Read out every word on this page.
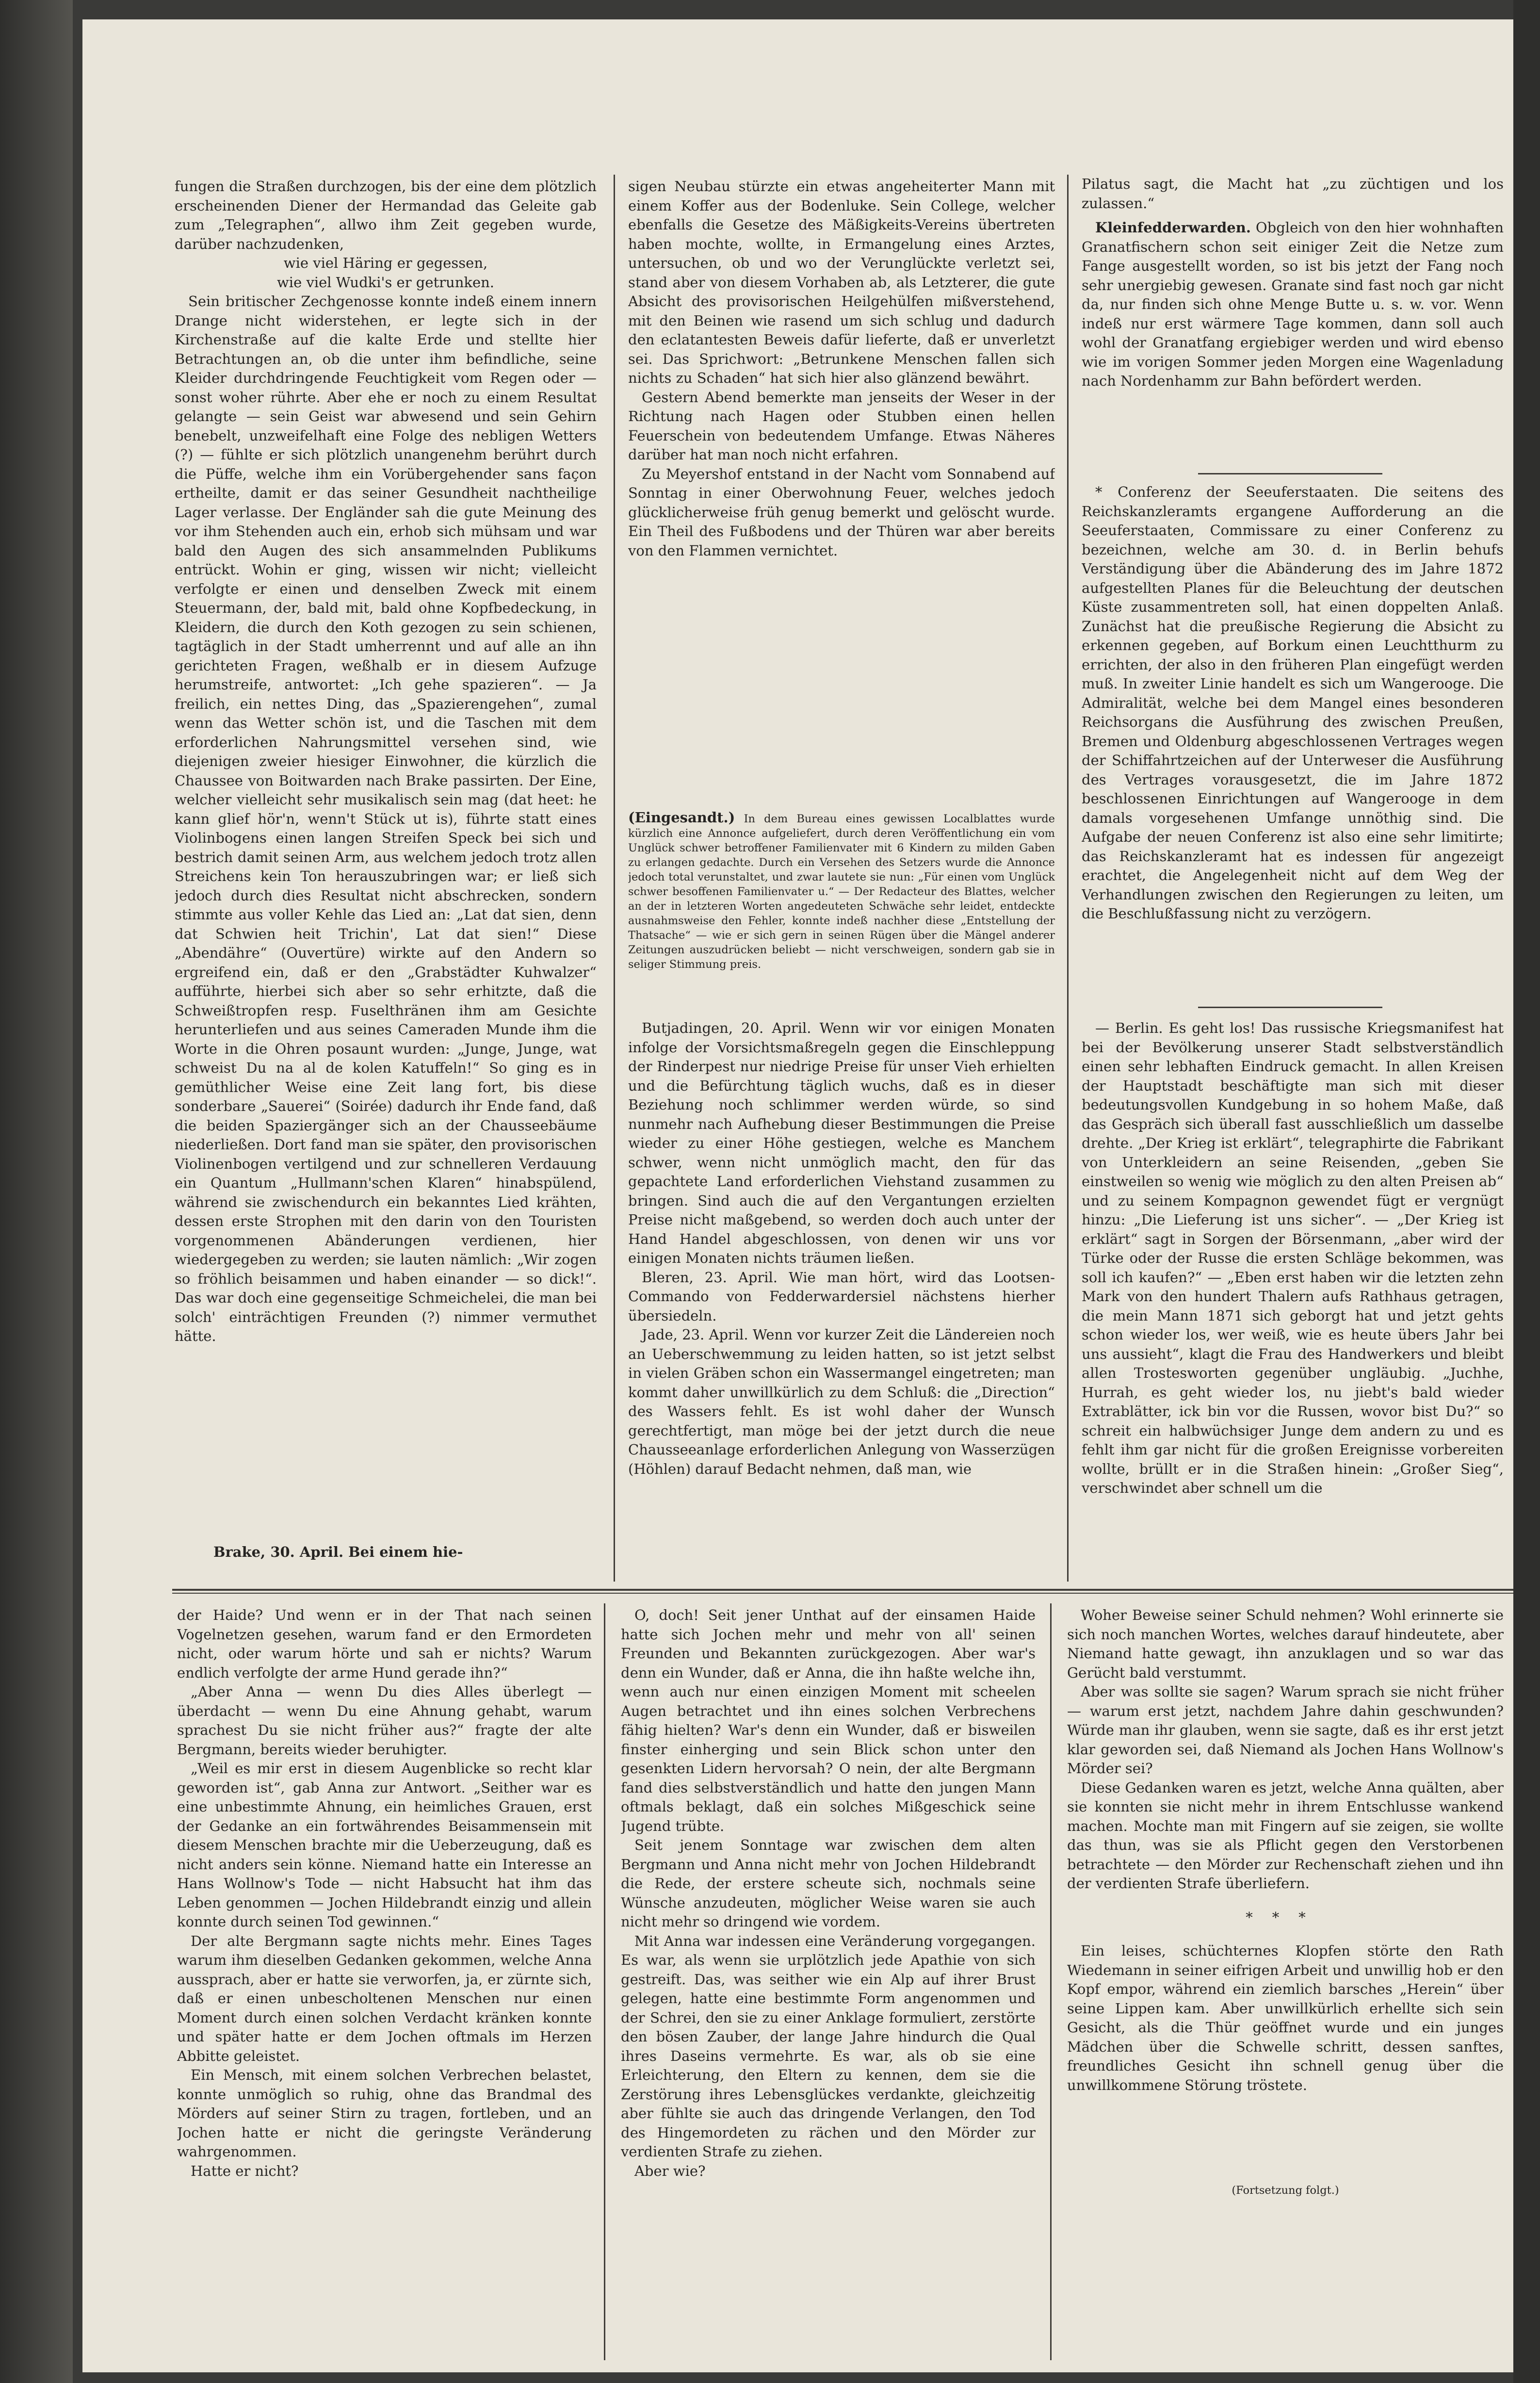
fungen die Straßen durchzogen, bis der eine dem plötzlich erscheinenden Diener der Hermandad das Geleite gab zum „Telegraphen“, allwo ihm Zeit gegeben wurde, darüber nachzudenken,

wie viel Häring er gegessen,

wie viel Wudki's er getrunken.

Sein britischer Zechgenosse konnte indeß einem innern Drange nicht widerstehen, er legte sich in der Kirchenstraße auf die kalte Erde und stellte hier Betrachtungen an, ob die unter ihm befindliche, seine Kleider durchdringende Feuchtigkeit vom Regen oder — sonst woher rührte. Aber ehe er noch zu einem Resultat gelangte — sein Geist war abwesend und sein Gehirn benebelt, unzweifelhaft eine Folge des nebligen Wetters (?) — fühlte er sich plötzlich unangenehm berührt durch die Püffe, welche ihm ein Vorübergehender sans façon ertheilte, damit er das seiner Gesundheit nachtheilige Lager verlasse. Der Engländer sah die gute Meinung des vor ihm Stehenden auch ein, erhob sich mühsam und war bald den Augen des sich ansammelnden Publikums entrückt. Wohin er ging, wissen wir nicht; vielleicht verfolgte er einen und denselben Zweck mit einem Steuermann, der, bald mit, bald ohne Kopfbedeckung, in Kleidern, die durch den Koth gezogen zu sein schienen, tagtäglich in der Stadt umherrennt und auf alle an ihn gerichteten Fragen, weßhalb er in diesem Aufzuge herumstreife, antwortet: „Ich gehe spazieren“. — Ja freilich, ein nettes Ding, das „Spazierengehen“, zumal wenn das Wetter schön ist, und die Taschen mit dem erforderlichen Nahrungsmittel versehen sind, wie diejenigen zweier hiesiger Einwohner, die kürzlich die Chaussee von Boitwarden nach Brake passirten. Der Eine, welcher vielleicht sehr musikalisch sein mag (dat heet: he kann glief hör'n, wenn't Stück ut is), führte statt eines Violinbogens einen langen Streifen Speck bei sich und bestrich damit seinen Arm, aus welchem jedoch trotz allen Streichens kein Ton herauszubringen war; er ließ sich jedoch durch dies Resultat nicht abschrecken, sondern stimmte aus voller Kehle das Lied an: „Lat dat sien, denn dat Schwien heit Trichin', Lat dat sien!“ Diese „Abendähre“ (Ouvertüre) wirkte auf den Andern so ergreifend ein, daß er den „Grabstädter Kuhwalzer“ aufführte, hierbei sich aber so sehr erhitzte, daß die Schweißtropfen resp. Fuselthränen ihm am Gesichte herunterliefen und aus seines Cameraden Munde ihm die Worte in die Ohren posaunt wurden: „Junge, Junge, wat schweist Du na al de kolen Katuffeln!“ So ging es in gemüthlicher Weise eine Zeit lang fort, bis diese sonderbare „Sauerei“ (Soirée) dadurch ihr Ende fand, daß die beiden Spaziergänger sich an der Chausseebäume niederließen. Dort fand man sie später, den provisorischen Violinenbogen vertilgend und zur schnelleren Verdauung ein Quantum „Hullmann'schen Klaren“ hinabspülend, während sie zwischendurch ein bekanntes Lied krähten, dessen erste Strophen mit den darin von den Touristen vorgenommenen Abänderungen verdienen, hier wiedergegeben zu werden; sie lauten nämlich: „Wir zogen so fröhlich beisammen und haben einander — so dick!“. Das war doch eine gegenseitige Schmeichelei, die man bei solch' einträchtigen Freunden (?) nimmer vermuthet hätte.

Brake, 30. April. Bei einem hie-

sigen Neubau stürzte ein etwas angeheiterter Mann mit einem Koffer aus der Bodenluke. Sein College, welcher ebenfalls die Gesetze des Mäßigkeits-Vereins übertreten haben mochte, wollte, in Ermangelung eines Arztes, untersuchen, ob und wo der Verunglückte verletzt sei, stand aber von diesem Vorhaben ab, als Letzterer, die gute Absicht des provisorischen Heilgehülfen mißverstehend, mit den Beinen wie rasend um sich schlug und dadurch den eclatantesten Beweis dafür lieferte, daß er unverletzt sei. Das Sprichwort: „Betrunkene Menschen fallen sich nichts zu Schaden“ hat sich hier also glänzend bewährt.

Gestern Abend bemerkte man jenseits der Weser in der Richtung nach Hagen oder Stubben einen hellen Feuerschein von bedeutendem Umfange. Etwas Näheres darüber hat man noch nicht erfahren.

Zu Meyershof entstand in der Nacht vom Sonnabend auf Sonntag in einer Oberwohnung Feuer, welches jedoch glücklicherweise früh genug bemerkt und gelöscht wurde. Ein Theil des Fußbodens und der Thüren war aber bereits von den Flammen vernichtet.

(Eingesandt.) In dem Bureau eines gewissen Localblattes wurde kürzlich eine Annonce aufgeliefert, durch deren Veröffentlichung ein vom Unglück schwer betroffener Familienvater mit 6 Kindern zu milden Gaben zu erlangen gedachte. Durch ein Versehen des Setzers wurde die Annonce jedoch total verunstaltet, und zwar lautete sie nun: „Für einen vom Unglück schwer besoffenen Familienvater u.“ — Der Redacteur des Blattes, welcher an der in letzteren Worten angedeuteten Schwäche sehr leidet, entdeckte ausnahmsweise den Fehler, konnte indeß nachher diese „Entstellung der Thatsache“ — wie er sich gern in seinen Rügen über die Mängel anderer Zeitungen auszudrücken beliebt — nicht verschweigen, sondern gab sie in seliger Stimmung preis.

Butjadingen, 20. April. Wenn wir vor einigen Monaten infolge der Vorsichtsmaßregeln gegen die Einschleppung der Rinderpest nur niedrige Preise für unser Vieh erhielten und die Befürchtung täglich wuchs, daß es in dieser Beziehung noch schlimmer werden würde, so sind nunmehr nach Aufhebung dieser Bestimmungen die Preise wieder zu einer Höhe gestiegen, welche es Manchem schwer, wenn nicht unmöglich macht, den für das gepachtete Land erforderlichen Viehstand zusammen zu bringen. Sind auch die auf den Vergantungen erzielten Preise nicht maßgebend, so werden doch auch unter der Hand Handel abgeschlossen, von denen wir uns vor einigen Monaten nichts träumen ließen.

Bleren, 23. April. Wie man hört, wird das Lootsen-Commando von Fedderwardersiel nächstens hierher übersiedeln.

Jade, 23. April. Wenn vor kurzer Zeit die Ländereien noch an Ueberschwemmung zu leiden hatten, so ist jetzt selbst in vielen Gräben schon ein Wassermangel eingetreten; man kommt daher unwillkürlich zu dem Schluß: die „Direction“ des Wassers fehlt. Es ist wohl daher der Wunsch gerechtfertigt, man möge bei der jetzt durch die neue Chausseeanlage erforderlichen Anlegung von Wasserzügen (Höhlen) darauf Bedacht nehmen, daß man, wie

Pilatus sagt, die Macht hat „zu züchtigen und los zulassen.“

Kleinfedderwarden. Obgleich von den hier wohnhaften Granatfischern schon seit einiger Zeit die Netze zum Fange ausgestellt worden, so ist bis jetzt der Fang noch sehr unergiebig gewesen. Granate sind fast noch gar nicht da, nur finden sich ohne Menge Butte u. s. w. vor. Wenn indeß nur erst wärmere Tage kommen, dann soll auch wohl der Granatfang ergiebiger werden und wird ebenso wie im vorigen Sommer jeden Morgen eine Wagenladung nach Nordenhamm zur Bahn befördert werden.

* Conferenz der Seeuferstaaten. Die seitens des Reichskanzleramts ergangene Aufforderung an die Seeuferstaaten, Commissare zu einer Conferenz zu bezeichnen, welche am 30. d. in Berlin behufs Verständigung über die Abänderung des im Jahre 1872 aufgestellten Planes für die Beleuchtung der deutschen Küste zusammentreten soll, hat einen doppelten Anlaß. Zunächst hat die preußische Regierung die Absicht zu erkennen gegeben, auf Borkum einen Leuchtthurm zu errichten, der also in den früheren Plan eingefügt werden muß. In zweiter Linie handelt es sich um Wangerooge. Die Admiralität, welche bei dem Mangel eines besonderen Reichsorgans die Ausführung des zwischen Preußen, Bremen und Oldenburg abgeschlossenen Vertrages wegen der Schiffahrtzeichen auf der Unterweser die Ausführung des Vertrages vorausgesetzt, die im Jahre 1872 beschlossenen Einrichtungen auf Wangerooge in dem damals vorgesehenen Umfange unnöthig sind. Die Aufgabe der neuen Conferenz ist also eine sehr limitirte; das Reichskanzleramt hat es indessen für angezeigt erachtet, die Angelegenheit nicht auf dem Weg der Verhandlungen zwischen den Regierungen zu leiten, um die Beschlußfassung nicht zu verzögern.

— Berlin. Es geht los! Das russische Kriegsmanifest hat bei der Bevölkerung unserer Stadt selbstverständlich einen sehr lebhaften Eindruck gemacht. In allen Kreisen der Hauptstadt beschäftigte man sich mit dieser bedeutungsvollen Kundgebung in so hohem Maße, daß das Gespräch sich überall fast ausschließlich um dasselbe drehte. „Der Krieg ist erklärt“, telegraphirte die Fabrikant von Unterkleidern an seine Reisenden, „geben Sie einstweilen so wenig wie möglich zu den alten Preisen ab“ und zu seinem Kompagnon gewendet fügt er vergnügt hinzu: „Die Lieferung ist uns sicher“. — „Der Krieg ist erklärt“ sagt in Sorgen der Börsenmann, „aber wird der Türke oder der Russe die ersten Schläge bekommen, was soll ich kaufen?“ — „Eben erst haben wir die letzten zehn Mark von den hundert Thalern aufs Rathhaus getragen, die mein Mann 1871 sich geborgt hat und jetzt gehts schon wieder los, wer weiß, wie es heute übers Jahr bei uns aussieht“, klagt die Frau des Handwerkers und bleibt allen Trostesworten gegenüber ungläubig. „Juchhe, Hurrah, es geht wieder los, nu jiebt's bald wieder Extrablätter, ick bin vor die Russen, wovor bist Du?“ so schreit ein halbwüchsiger Junge dem andern zu und es fehlt ihm gar nicht für die großen Ereignisse vorbereiten wollte, brüllt er in die Straßen hinein: „Großer Sieg“, verschwindet aber schnell um die

der Haide? Und wenn er in der That nach seinen Vogelnetzen gesehen, warum fand er den Ermordeten nicht, oder warum hörte und sah er nichts? Warum endlich verfolgte der arme Hund gerade ihn?“

„Aber Anna — wenn Du dies Alles überlegt — überdacht — wenn Du eine Ahnung gehabt, warum sprachest Du sie nicht früher aus?“ fragte der alte Bergmann, bereits wieder beruhigter.

„Weil es mir erst in diesem Augenblicke so recht klar geworden ist“, gab Anna zur Antwort. „Seither war es eine unbestimmte Ahnung, ein heimliches Grauen, erst der Gedanke an ein fortwährendes Beisammensein mit diesem Menschen brachte mir die Ueberzeugung, daß es nicht anders sein könne. Niemand hatte ein Interesse an Hans Wollnow's Tode — nicht Habsucht hat ihm das Leben genommen — Jochen Hildebrandt einzig und allein konnte durch seinen Tod gewinnen.“

Der alte Bergmann sagte nichts mehr. Eines Tages warum ihm dieselben Gedanken gekommen, welche Anna aussprach, aber er hatte sie verworfen, ja, er zürnte sich, daß er einen unbescholtenen Menschen nur einen Moment durch einen solchen Verdacht kränken konnte und später hatte er dem Jochen oftmals im Herzen Abbitte geleistet.

Ein Mensch, mit einem solchen Verbrechen belastet, konnte unmöglich so ruhig, ohne das Brandmal des Mörders auf seiner Stirn zu tragen, fortleben, und an Jochen hatte er nicht die geringste Veränderung wahrgenommen.

Hatte er nicht?

O, doch! Seit jener Unthat auf der einsamen Haide hatte sich Jochen mehr und mehr von all' seinen Freunden und Bekannten zurückgezogen. Aber war's denn ein Wunder, daß er Anna, die ihn haßte welche ihn, wenn auch nur einen einzigen Moment mit scheelen Augen betrachtet und ihn eines solchen Verbrechens fähig hielten? War's denn ein Wunder, daß er bisweilen finster einherging und sein Blick schon unter den gesenkten Lidern hervorsah? O nein, der alte Bergmann fand dies selbstverständlich und hatte den jungen Mann oftmals beklagt, daß ein solches Mißgeschick seine Jugend trübte.

Seit jenem Sonntage war zwischen dem alten Bergmann und Anna nicht mehr von Jochen Hildebrandt die Rede, der erstere scheute sich, nochmals seine Wünsche anzudeuten, möglicher Weise waren sie auch nicht mehr so dringend wie vordem.

Mit Anna war indessen eine Veränderung vorgegangen. Es war, als wenn sie urplötzlich jede Apathie von sich gestreift. Das, was seither wie ein Alp auf ihrer Brust gelegen, hatte eine bestimmte Form angenommen und der Schrei, den sie zu einer Anklage formuliert, zerstörte den bösen Zauber, der lange Jahre hindurch die Qual ihres Daseins vermehrte. Es war, als ob sie eine Erleichterung, den Eltern zu kennen, dem sie die Zerstörung ihres Lebensglückes verdankte, gleichzeitig aber fühlte sie auch das dringende Verlangen, den Tod des Hingemordeten zu rächen und den Mörder zur verdienten Strafe zu ziehen.

Aber wie?

Woher Beweise seiner Schuld nehmen? Wohl erinnerte sie sich noch manchen Wortes, welches darauf hindeutete, aber Niemand hatte gewagt, ihn anzuklagen und so war das Gerücht bald verstummt.

Aber was sollte sie sagen? Warum sprach sie nicht früher — warum erst jetzt, nachdem Jahre dahin geschwunden? Würde man ihr glauben, wenn sie sagte, daß es ihr erst jetzt klar geworden sei, daß Niemand als Jochen Hans Wollnow's Mörder sei?

Diese Gedanken waren es jetzt, welche Anna quälten, aber sie konnten sie nicht mehr in ihrem Entschlusse wankend machen. Mochte man mit Fingern auf sie zeigen, sie wollte das thun, was sie als Pflicht gegen den Verstorbenen betrachtete — den Mörder zur Rechenschaft ziehen und ihn der verdienten Strafe überliefern.

***

Ein leises, schüchternes Klopfen störte den Rath Wiedemann in seiner eifrigen Arbeit und unwillig hob er den Kopf empor, während ein ziemlich barsches „Herein“ über seine Lippen kam. Aber unwillkürlich erhellte sich sein Gesicht, als die Thür geöffnet wurde und ein junges Mädchen über die Schwelle schritt, dessen sanftes, freundliches Gesicht ihn schnell genug über die unwillkommene Störung tröstete.

(Fortsetzung folgt.)
